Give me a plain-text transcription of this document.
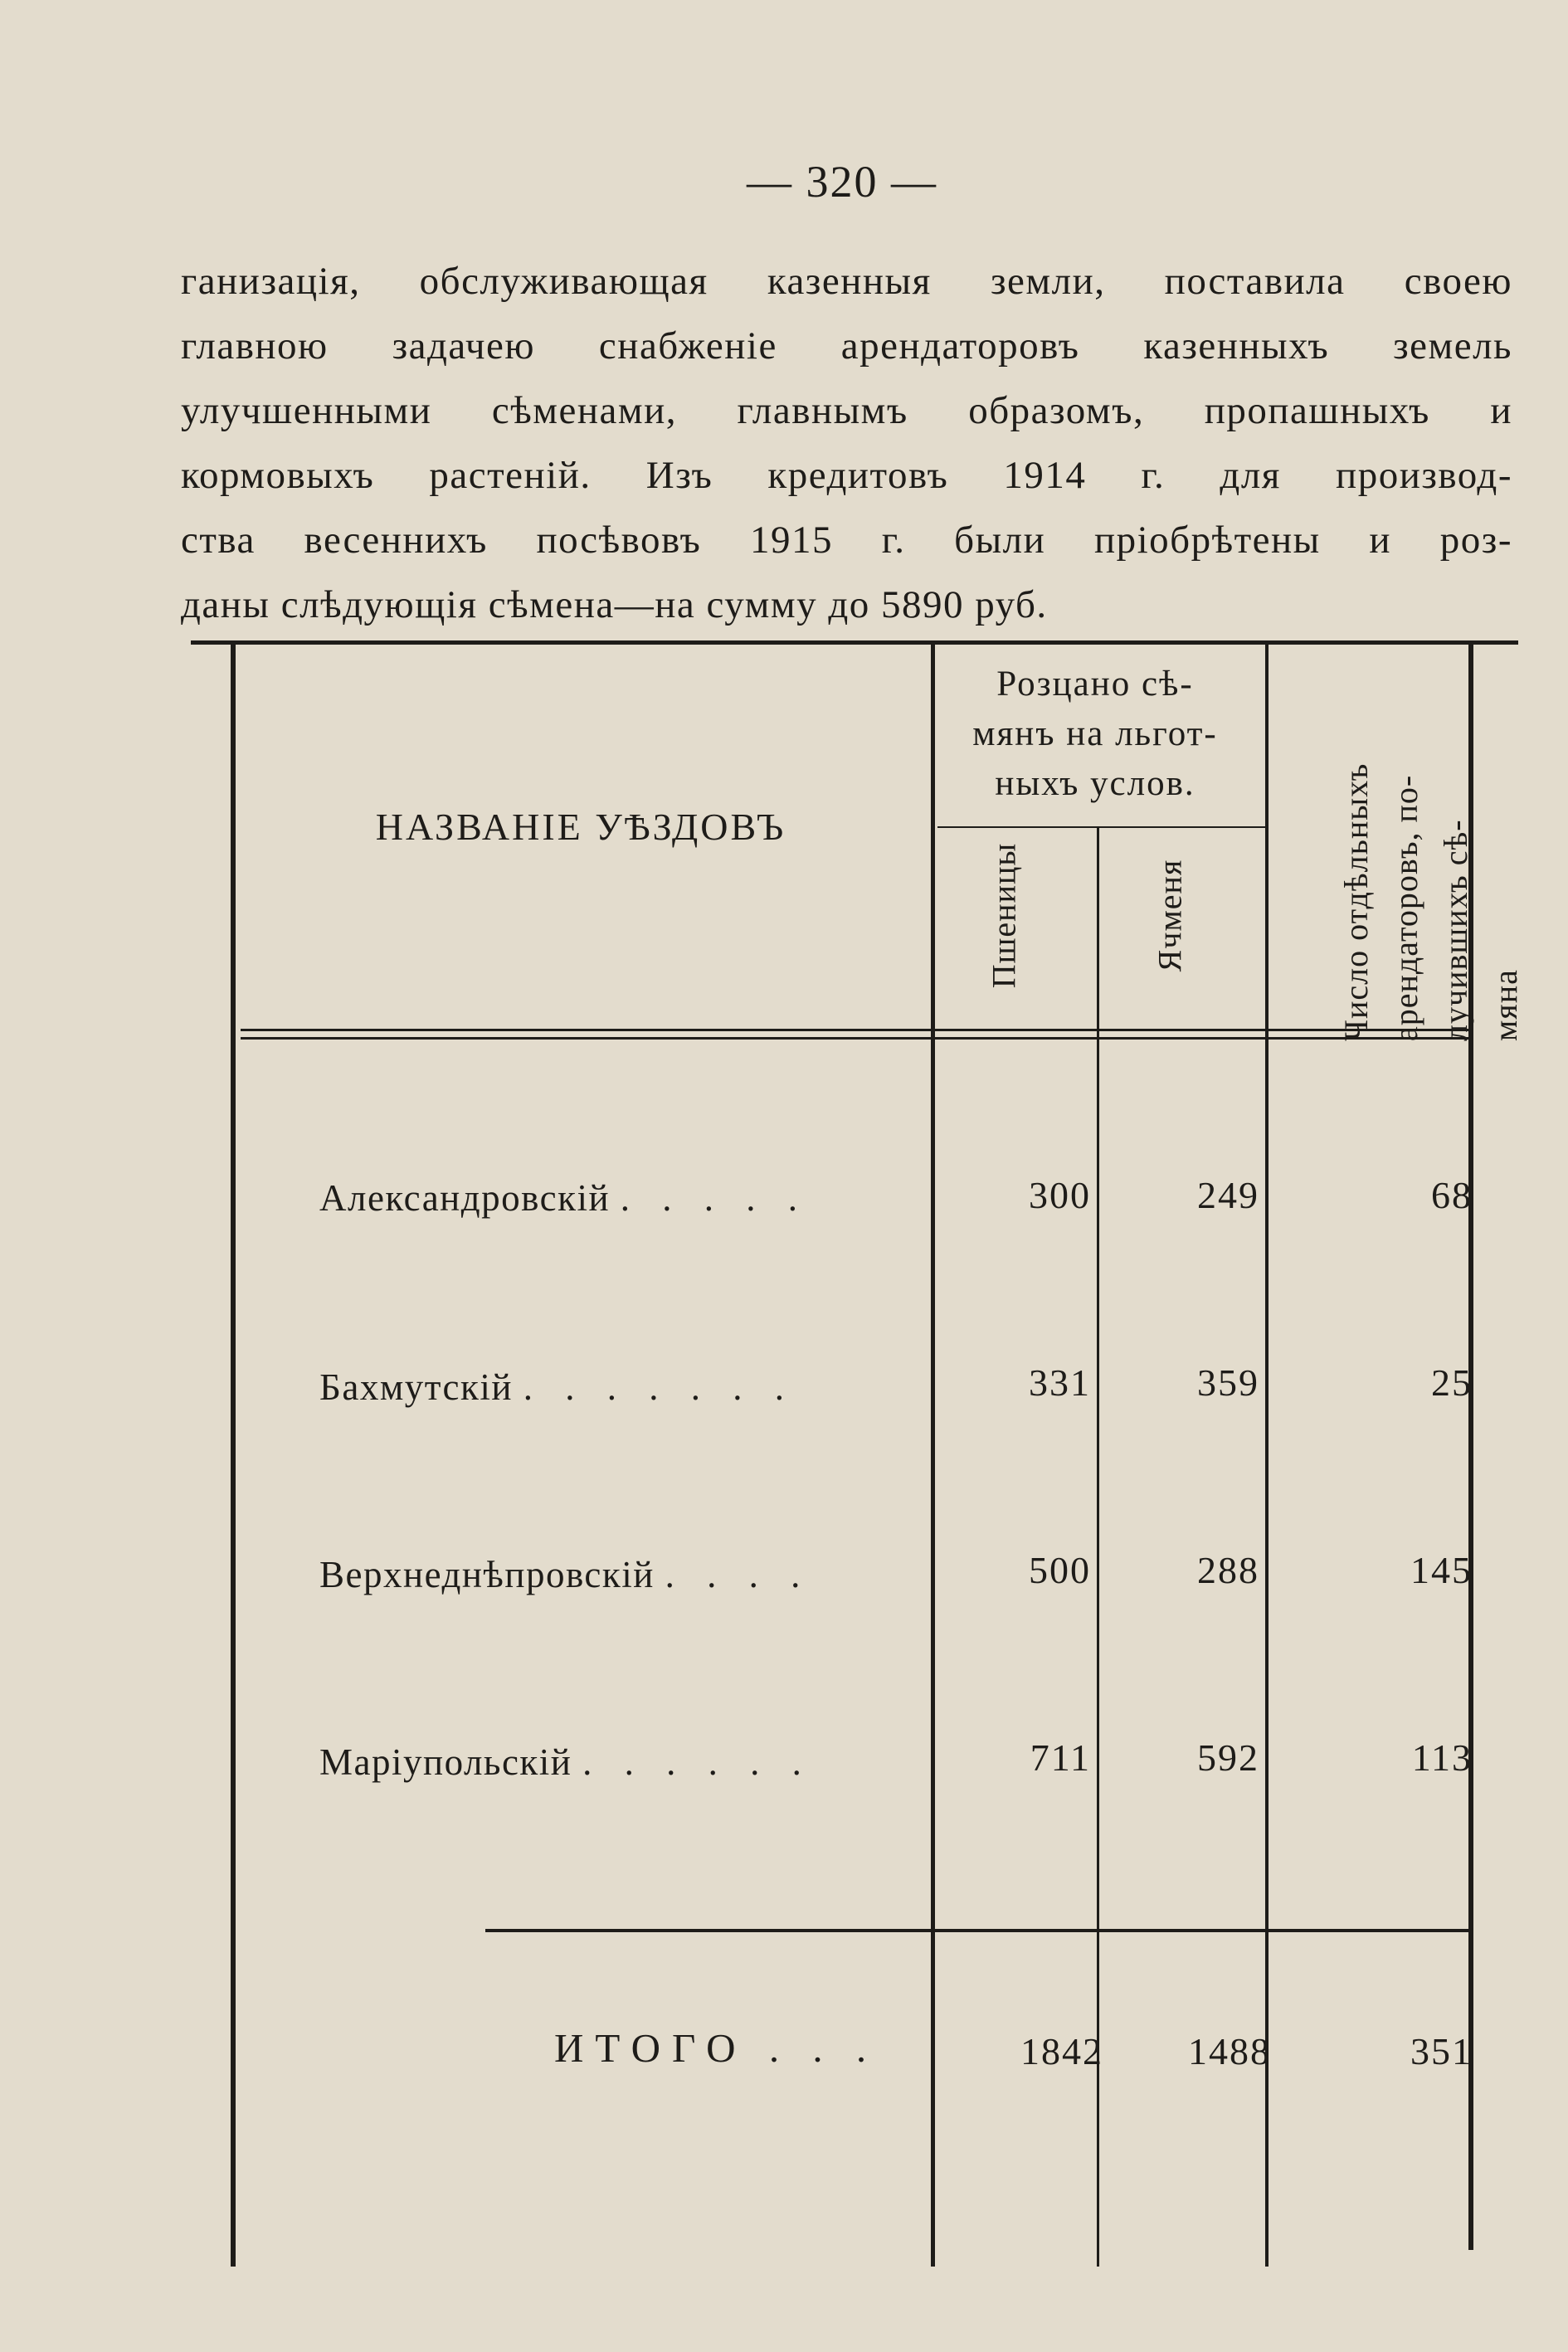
— 320 —
ганизація, обслуживающая казенныя земли, поставила своею
главною задачею снабженіе арендаторовъ казенныхъ земель
улучшенными сѣменами, главнымъ образомъ, пропашныхъ и
кормовыхъ растеній. Изъ кредитовъ 1914 г. для производ-
ства весеннихъ посѣвовъ 1915 г. были пріобрѣтены и роз-
даны слѣдующія сѣмена—на сумму до 5890 руб.
НАЗВАНІЕ УѢЗДОВЪ
Розцано сѣ-
мянъ на льгот-
ныхъ услов.
Пшеницы	Ячменя	Число отдѣльныхъ арендаторовъ, по- лучившихъ сѣ- мяна
Александровскій . . . . .	300	249	68
Бахмутскій . . . . . . .	331	359	25
Верхнеднѣпровскій . . . .	500	288	145
Маріупольскій . . . . . .	711	592	113
ИТОГО . . .	1842	1488	351
